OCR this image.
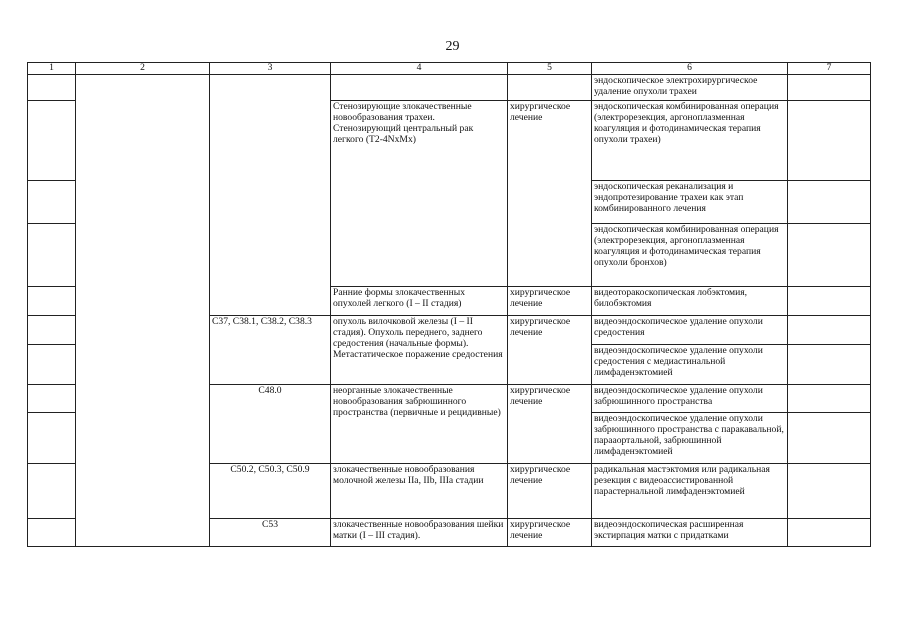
29
1	2	3	4	5	6	7
					эндоскопическое электрохирургическое удаление опухоли трахеи	
			Стенозирующие злокачественные новообразования трахеи. Стенозирующий центральный рак легкого (T2-4NxMx)	хирургическое лечение	эндоскопическая комбинированная операция (электрорезекция, аргоноплазменная коагуляция и фотодинамическая терапия опухоли трахеи)	
					эндоскопическая реканализация и эндопротезирование трахеи как этап комбинированного лечения	
					эндоскопическая комбинированная операция (электрорезекция, аргоноплазменная коагуляция и фотодинамическая терапия опухоли бронхов)	
			Ранние формы злокачественных опухолей легкого (I – II стадия)	хирургическое лечение	видеоторакоскопическая лобэктомия, билобэктомия	
		C37, C38.1, C38.2, C38.3	опухоль вилочковой железы (I – II стадия). Опухоль переднего, заднего средостения (начальные формы). Метастатическое поражение средостения	хирургическое лечение	видеоэндоскопическое удаление опухоли средостения	
					видеоэндоскопическое удаление опухоли средостения с медиастинальной лимфаденэктомией	
		C48.0	неорганные злокачественные новообразования забрюшинного пространства (первичные и рецидивные)	хирургическое лечение	видеоэндоскопическое удаление опухоли забрюшинного пространства	
					видеоэндоскопическое удаление опухоли забрюшинного пространства с паракавальной, парааортальной, забрюшинной лимфаденэктомией	
		C50.2, C50.3, C50.9	злокачественные новообразования молочной железы IIa, IIb, IIIa стадии	хирургическое лечение	радикальная мастэктомия или радикальная резекция с видеоассистированной парастернальной лимфаденэктомией	
		C53	злокачественные новообразования шейки матки (I – III стадия).	хирургическое лечение	видеоэндоскопическая расширенная экстирпация матки с придатками	
